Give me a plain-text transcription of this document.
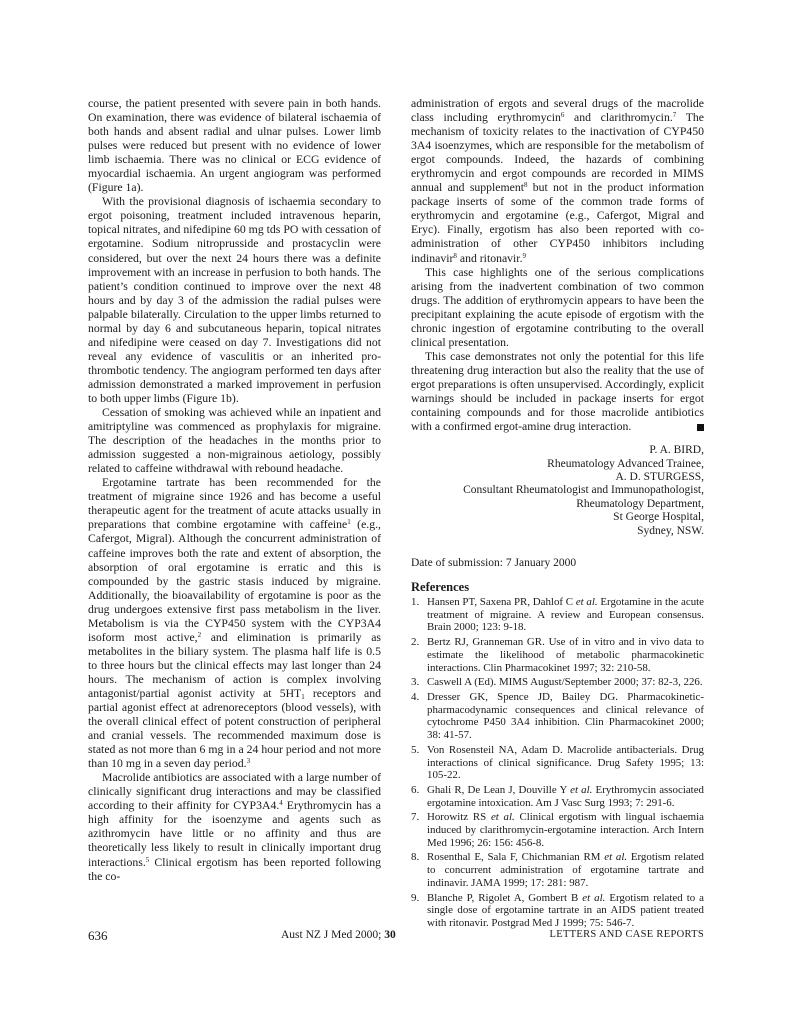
course, the patient presented with severe pain in both hands. On examination, there was evidence of bilateral ischaemia of both hands and absent radial and ulnar pulses. Lower limb pulses were reduced but present with no evidence of lower limb ischaemia. There was no clinical or ECG evidence of myocardial ischaemia. An urgent angiogram was performed (Figure 1a).

With the provisional diagnosis of ischaemia secondary to ergot poisoning, treatment included intravenous heparin, topical nitrates, and nifedipine 60 mg tds PO with cessation of ergotamine. Sodium nitroprusside and prostacyclin were considered, but over the next 24 hours there was a definite improvement with an increase in perfusion to both hands. The patient’s condition continued to improve over the next 48 hours and by day 3 of the admission the radial pulses were palpable bilaterally. Circulation to the upper limbs returned to normal by day 6 and subcutaneous heparin, topical nitrates and nifedipine were ceased on day 7. Investigations did not reveal any evidence of vasculitis or an inherited pro-thrombotic tendency. The angiogram performed ten days after admission demonstrated a marked improvement in perfusion to both upper limbs (Figure 1b).

Cessation of smoking was achieved while an inpatient and amitriptyline was commenced as prophylaxis for migraine. The description of the headaches in the months prior to admission suggested a non-migrainous aetiology, possibly related to caffeine withdrawal with rebound headache.

Ergotamine tartrate has been recommended for the treatment of migraine since 1926 and has become a useful therapeutic agent for the treatment of acute attacks usually in preparations that combine ergotamine with caffeine$^1$ (e.g., Cafergot, Migral). Although the concurrent administration of caffeine improves both the rate and extent of absorption, the absorption of oral ergotamine is erratic and this is compounded by the gastric stasis induced by migraine. Additionally, the bioavailability of ergotamine is poor as the drug undergoes extensive first pass metabolism in the liver. Metabolism is via the CYP450 system with the CYP3A4 isoform most active,$^2$ and elimination is primarily as metabolites in the biliary system. The plasma half life is 0.5 to three hours but the clinical effects may last longer than 24 hours. The mechanism of action is complex involving antagonist/partial agonist activity at $5HT_1$ receptors and partial agonist effect at adrenoreceptors (blood vessels), with the overall clinical effect of potent construction of peripheral and cranial vessels. The recommended maximum dose is stated as not more than 6 mg in a 24 hour period and not more than 10 mg in a seven day period.$^3$

Macrolide antibiotics are associated with a large number of clinically significant drug interactions and may be classified according to their affinity for CYP3A4.$^4$ Erythromycin has a high affinity for the isoenzyme and agents such as azithromycin have little or no affinity and thus are theoretically less likely to result in clinically important drug interactions.$^5$ Clinical ergotism has been reported following the co-

administration of ergots and several drugs of the macrolide class including erythromycin$^6$ and clarithromycin.$^7$ The mechanism of toxicity relates to the inactivation of CYP450 3A4 isoenzymes, which are responsible for the metabolism of ergot compounds. Indeed, the hazards of combining erythromycin and ergot compounds are recorded in MIMS annual and supplement$^8$ but not in the product information package inserts of some of the common trade forms of erythromycin and ergotamine (e.g., Cafergot, Migral and Eryc). Finally, ergotism has also been reported with co-administration of other CYP450 inhibitors including indinavir$^8$ and ritonavir.$^9$

This case highlights one of the serious complications arising from the inadvertent combination of two common drugs. The addition of erythromycin appears to have been the precipitant explaining the acute episode of ergotism with the chronic ingestion of ergotamine contributing to the overall clinical presentation.

This case demonstrates not only the potential for this life threatening drug interaction but also the reality that the use of ergot preparations is often unsupervised. Accordingly, explicit warnings should be included in package inserts for ergot containing compounds and for those macrolide antibiotics with a confirmed ergot-amine drug interaction.

P. A. BIRD,
Rheumatology Advanced Trainee,
A. D. STURGESS,
Consultant Rheumatologist and Immunopathologist,
Rheumatology Department,
St George Hospital,
Sydney, NSW.
Date of submission: 7 January 2000
References
1. Hansen PT, Saxena PR, Dahlof C et al. Ergotamine in the acute treatment of migraine. A review and European consensus. Brain 2000; 123: 9-18.
2. Bertz RJ, Granneman GR. Use of in vitro and in vivo data to estimate the likelihood of metabolic pharmacokinetic interactions. Clin Pharmacokinet 1997; 32: 210-58.
3. Caswell A (Ed). MIMS August/September 2000; 37: 82-3, 226.
4. Dresser GK, Spence JD, Bailey DG. Pharmacokinetic-pharmacodynamic consequences and clinical relevance of cytochrome P450 3A4 inhibition. Clin Pharmacokinet 2000; 38: 41-57.
5. Von Rosensteil NA, Adam D. Macrolide antibacterials. Drug interactions of clinical significance. Drug Safety 1995; 13: 105-22.
6. Ghali R, De Lean J, Douville Y et al. Erythromycin associated ergotamine intoxication. Am J Vasc Surg 1993; 7: 291-6.
7. Horowitz RS et al. Clinical ergotism with lingual ischaemia induced by clarithromycin-ergotamine interaction. Arch Intern Med 1996; 26: 156: 456-8.
8. Rosenthal E, Sala F, Chichmanian RM et al. Ergotism related to concurrent administration of ergotamine tartrate and indinavir. JAMA 1999; 17: 281: 987.
9. Blanche P, Rigolet A, Gombert B et al. Ergotism related to a single dose of ergotamine tartrate in an AIDS patient treated with ritonavir. Postgrad Med J 1999; 75: 546-7.
636	Aust NZ J Med 2000; 30	LETTERS AND CASE REPORTS
